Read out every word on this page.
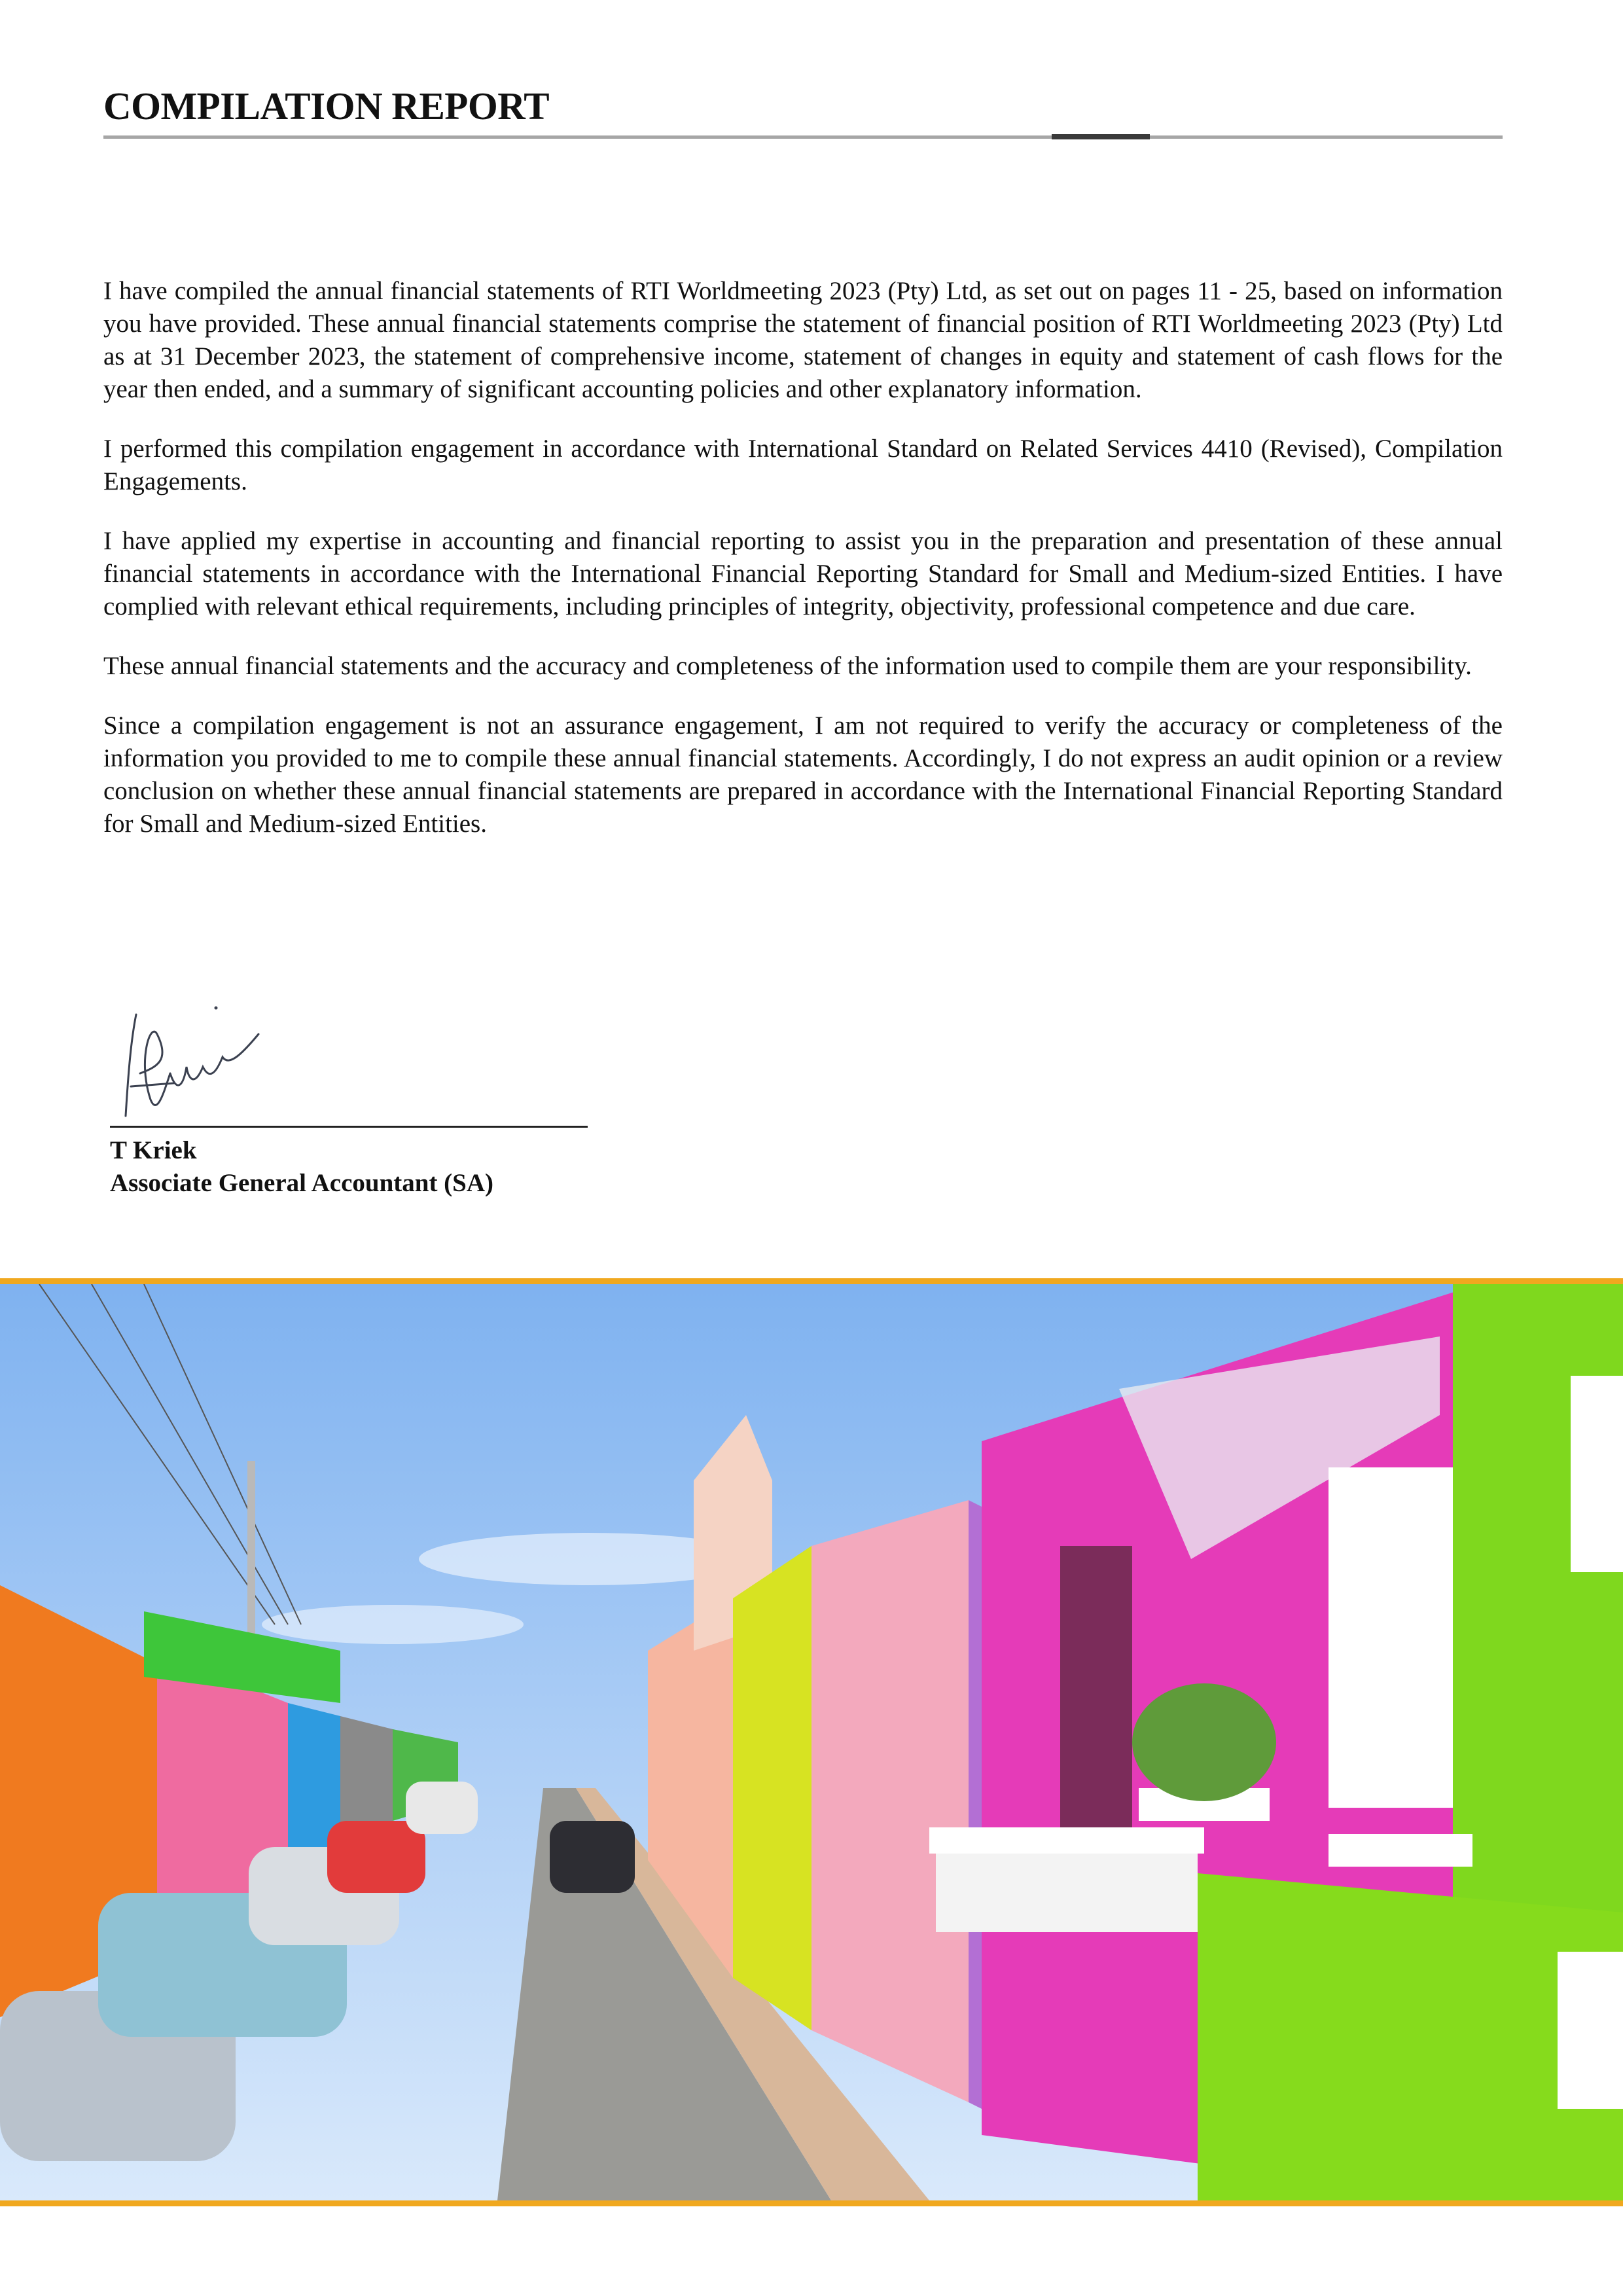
COMPILATION REPORT

I have compiled the annual financial statements of RTI Worldmeeting 2023 (Pty) Ltd, as set out on pages 11 - 25, based on information you have provided. These annual financial statements comprise the statement of financial position of RTI Worldmeeting 2023 (Pty) Ltd as at 31 December 2023, the statement of comprehensive income, statement of changes in equity and statement of cash flows for the year then ended, and a summary of significant accounting policies and other explanatory information.

I performed this compilation engagement in accordance with International Standard on Related Services 4410 (Revised), Compilation Engagements.

I have applied my expertise in accounting and financial reporting to assist you in the preparation and presentation of these annual financial statements in accordance with the International Financial Reporting Standard for Small and Medium-sized Entities. I have complied with relevant ethical requirements, including principles of integrity, objectivity, professional competence and due care.

These annual financial statements and the accuracy and completeness of the information used to compile them are your responsibility.

Since a compilation engagement is not an assurance engagement, I am not required to verify the accuracy or completeness of the information you provided to me to compile these annual financial statements. Accordingly, I do not express an audit opinion or a review conclusion on whether these annual financial statements are prepared in accordance with the International Financial Reporting Standard for Small and Medium-sized Entities.

T Kriek
Associate General Accountant (SA)
